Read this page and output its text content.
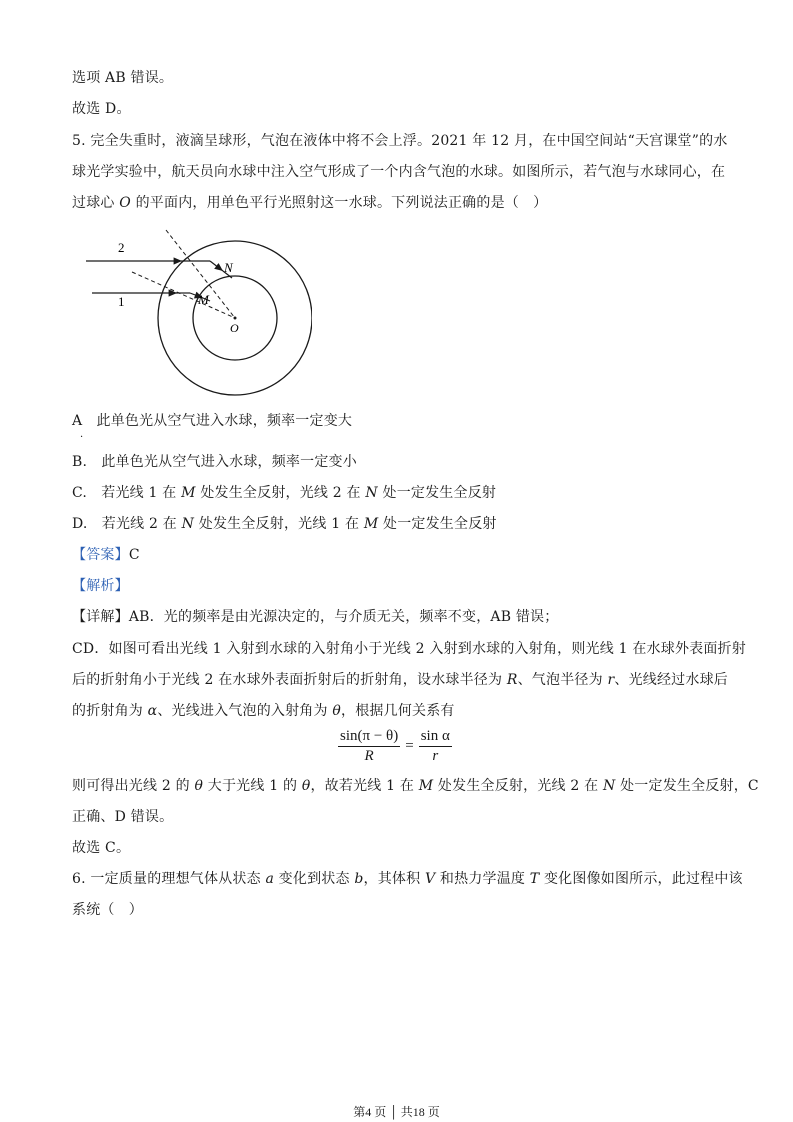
选项 AB 错误。
故选 D。
5. 完全失重时，液滴呈球形，气泡在液体中将不会上浮。2021 年 12 月，在中国空间站“天宫课堂”的水
球光学实验中，航天员向水球中注入空气形成了一个内含气泡的水球。如图所示，若气泡与水球同心，在
过球心 O 的平面内，用单色平行光照射这一水球。下列说法正确的是（　）
2
1
N
M
O
A　此单色光从空气进入水球，频率一定变大
·
B.　此单色光从空气进入水球，频率一定变小
C.　若光线 1 在 M 处发生全反射，光线 2 在 N 处一定发生全反射
D.　若光线 2 在 N 处发生全反射，光线 1 在 M 处一定发生全反射
【答案】C
【解析】
【详解】AB．光的频率是由光源决定的，与介质无关，频率不变，AB 错误；
CD．如图可看出光线 1 入射到水球的入射角小于光线 2 入射到水球的入射角，则光线 1 在水球外表面折射
后的折射角小于光线 2 在水球外表面折射后的折射角，设水球半径为 R、气泡半径为 r、光线经过水球后
的折射角为 α、光线进入气泡的入射角为 θ，根据几何关系有
$\frac{\sin(\pi - \theta)}{R} = \frac{\text{sin α}}{r}$
则可得出光线 2 的 θ 大于光线 1 的 θ，故若光线 1 在 M 处发生全反射，光线 2 在 N 处一定发生全反射，C
正确、D 错误。
故选 C。
6. 一定质量的理想气体从状态 a 变化到状态 b，其体积 V 和热力学温度 T 变化图像如图所示，此过程中该
系统（　）
第4 页 │ 共18 页
